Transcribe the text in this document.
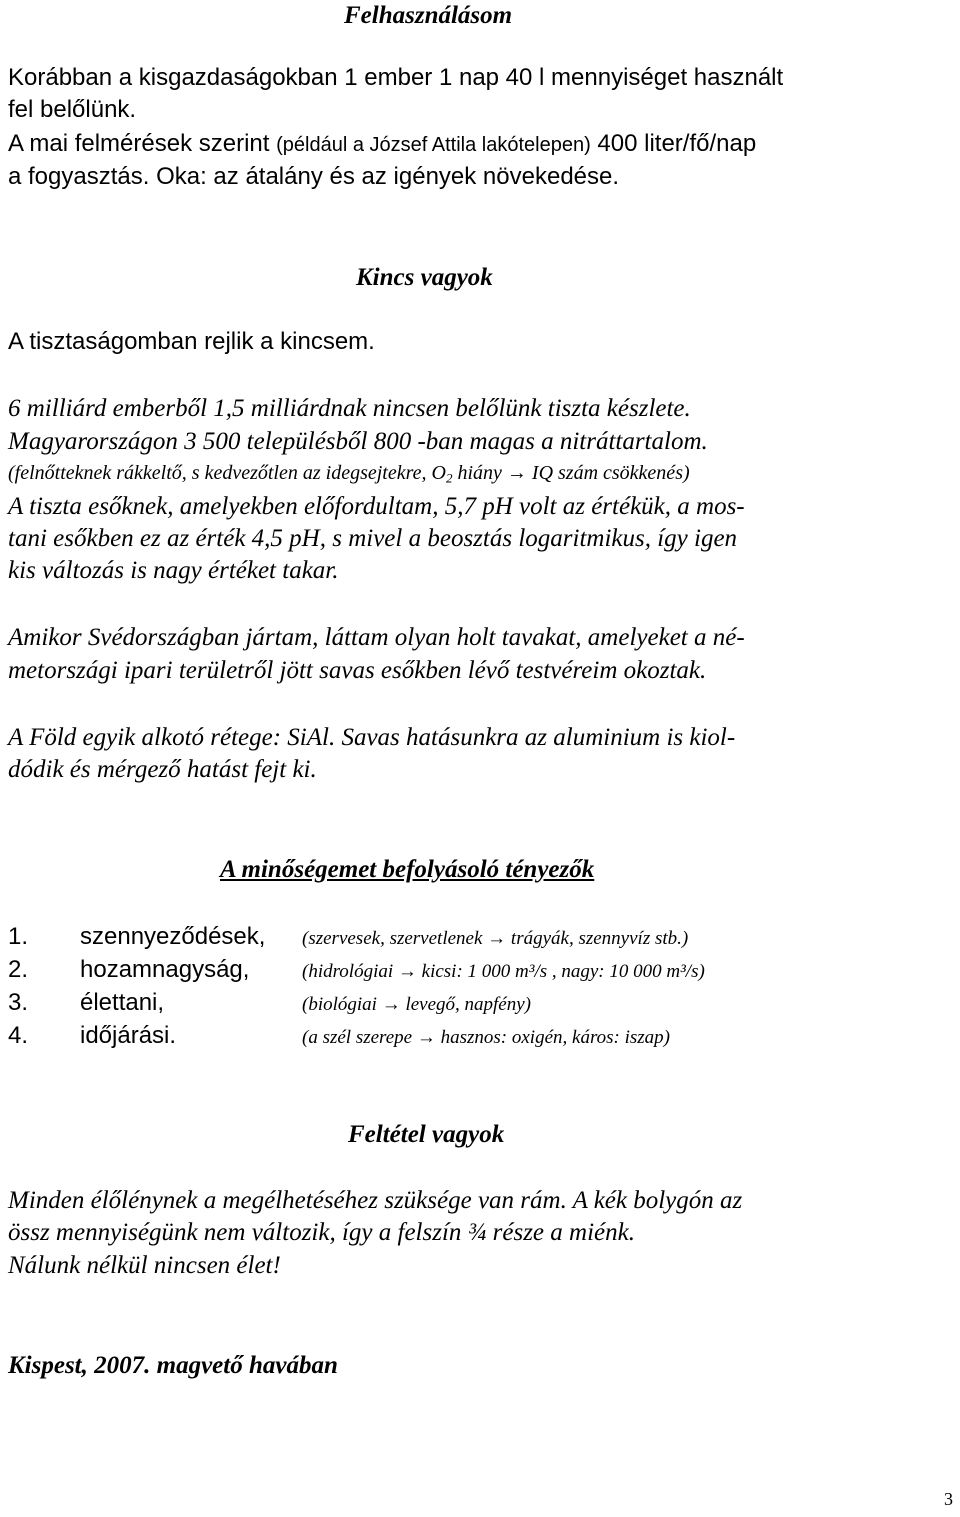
Felhasználásom
Korábban a kisgazdaságokban 1 ember 1 nap 40 l mennyiséget használt
fel belőlünk.
A mai felmérések szerint (például a József Attila lakótelepen) 400 liter/fő/nap
a fogyasztás. Oka: az átalány és az igények növekedése.
Kincs vagyok
A tisztaságomban rejlik a kincsem.
6 milliárd emberből 1,5 milliárdnak nincsen belőlünk tiszta készlete.
Magyarországon 3 500 településből 800 -ban magas a nitráttartalom.
(felnőtteknek rákkeltő, s kedvezőtlen az idegsejtekre, $O_2$ hiány → IQ szám csökkenés)
A tiszta esőknek, amelyekben előfordultam, 5,7 pH volt az értékük, a mos-
tani esőkben ez az érték 4,5 pH, s mivel a beosztás logaritmikus, így igen
kis változás is nagy értéket takar.
Amikor Svédországban jártam, láttam olyan holt tavakat, amelyeket a né-
metországi ipari területről jött savas esőkben lévő testvéreim okoztak.
A Föld egyik alkotó rétege: SiAl. Savas hatásunkra az aluminium is kiol-
dódik és mérgező hatást fejt ki.
A minőségemet befolyásoló tényezők
1. szennyeződések, (szervesek, szervetlenek → trágyák, szennyvíz stb.)
2. hozamnagyság,	(hidrológiai → kicsi: 1 000 m³/s , nagy: 10 000 m³/s)
3. élettani,	(biológiai → levegő, napfény)
4. időjárási.	(a szél szerepe → hasznos: oxigén, káros: iszap)
Feltétel vagyok
Minden élőlénynek a megélhetéséhez szüksége van rám. A kék bolygón az
össz mennyiségünk nem változik, így a felszín ¾ része a miénk.
Nálunk nélkül nincsen élet!
Kispest, 2007. magvető havában
3
